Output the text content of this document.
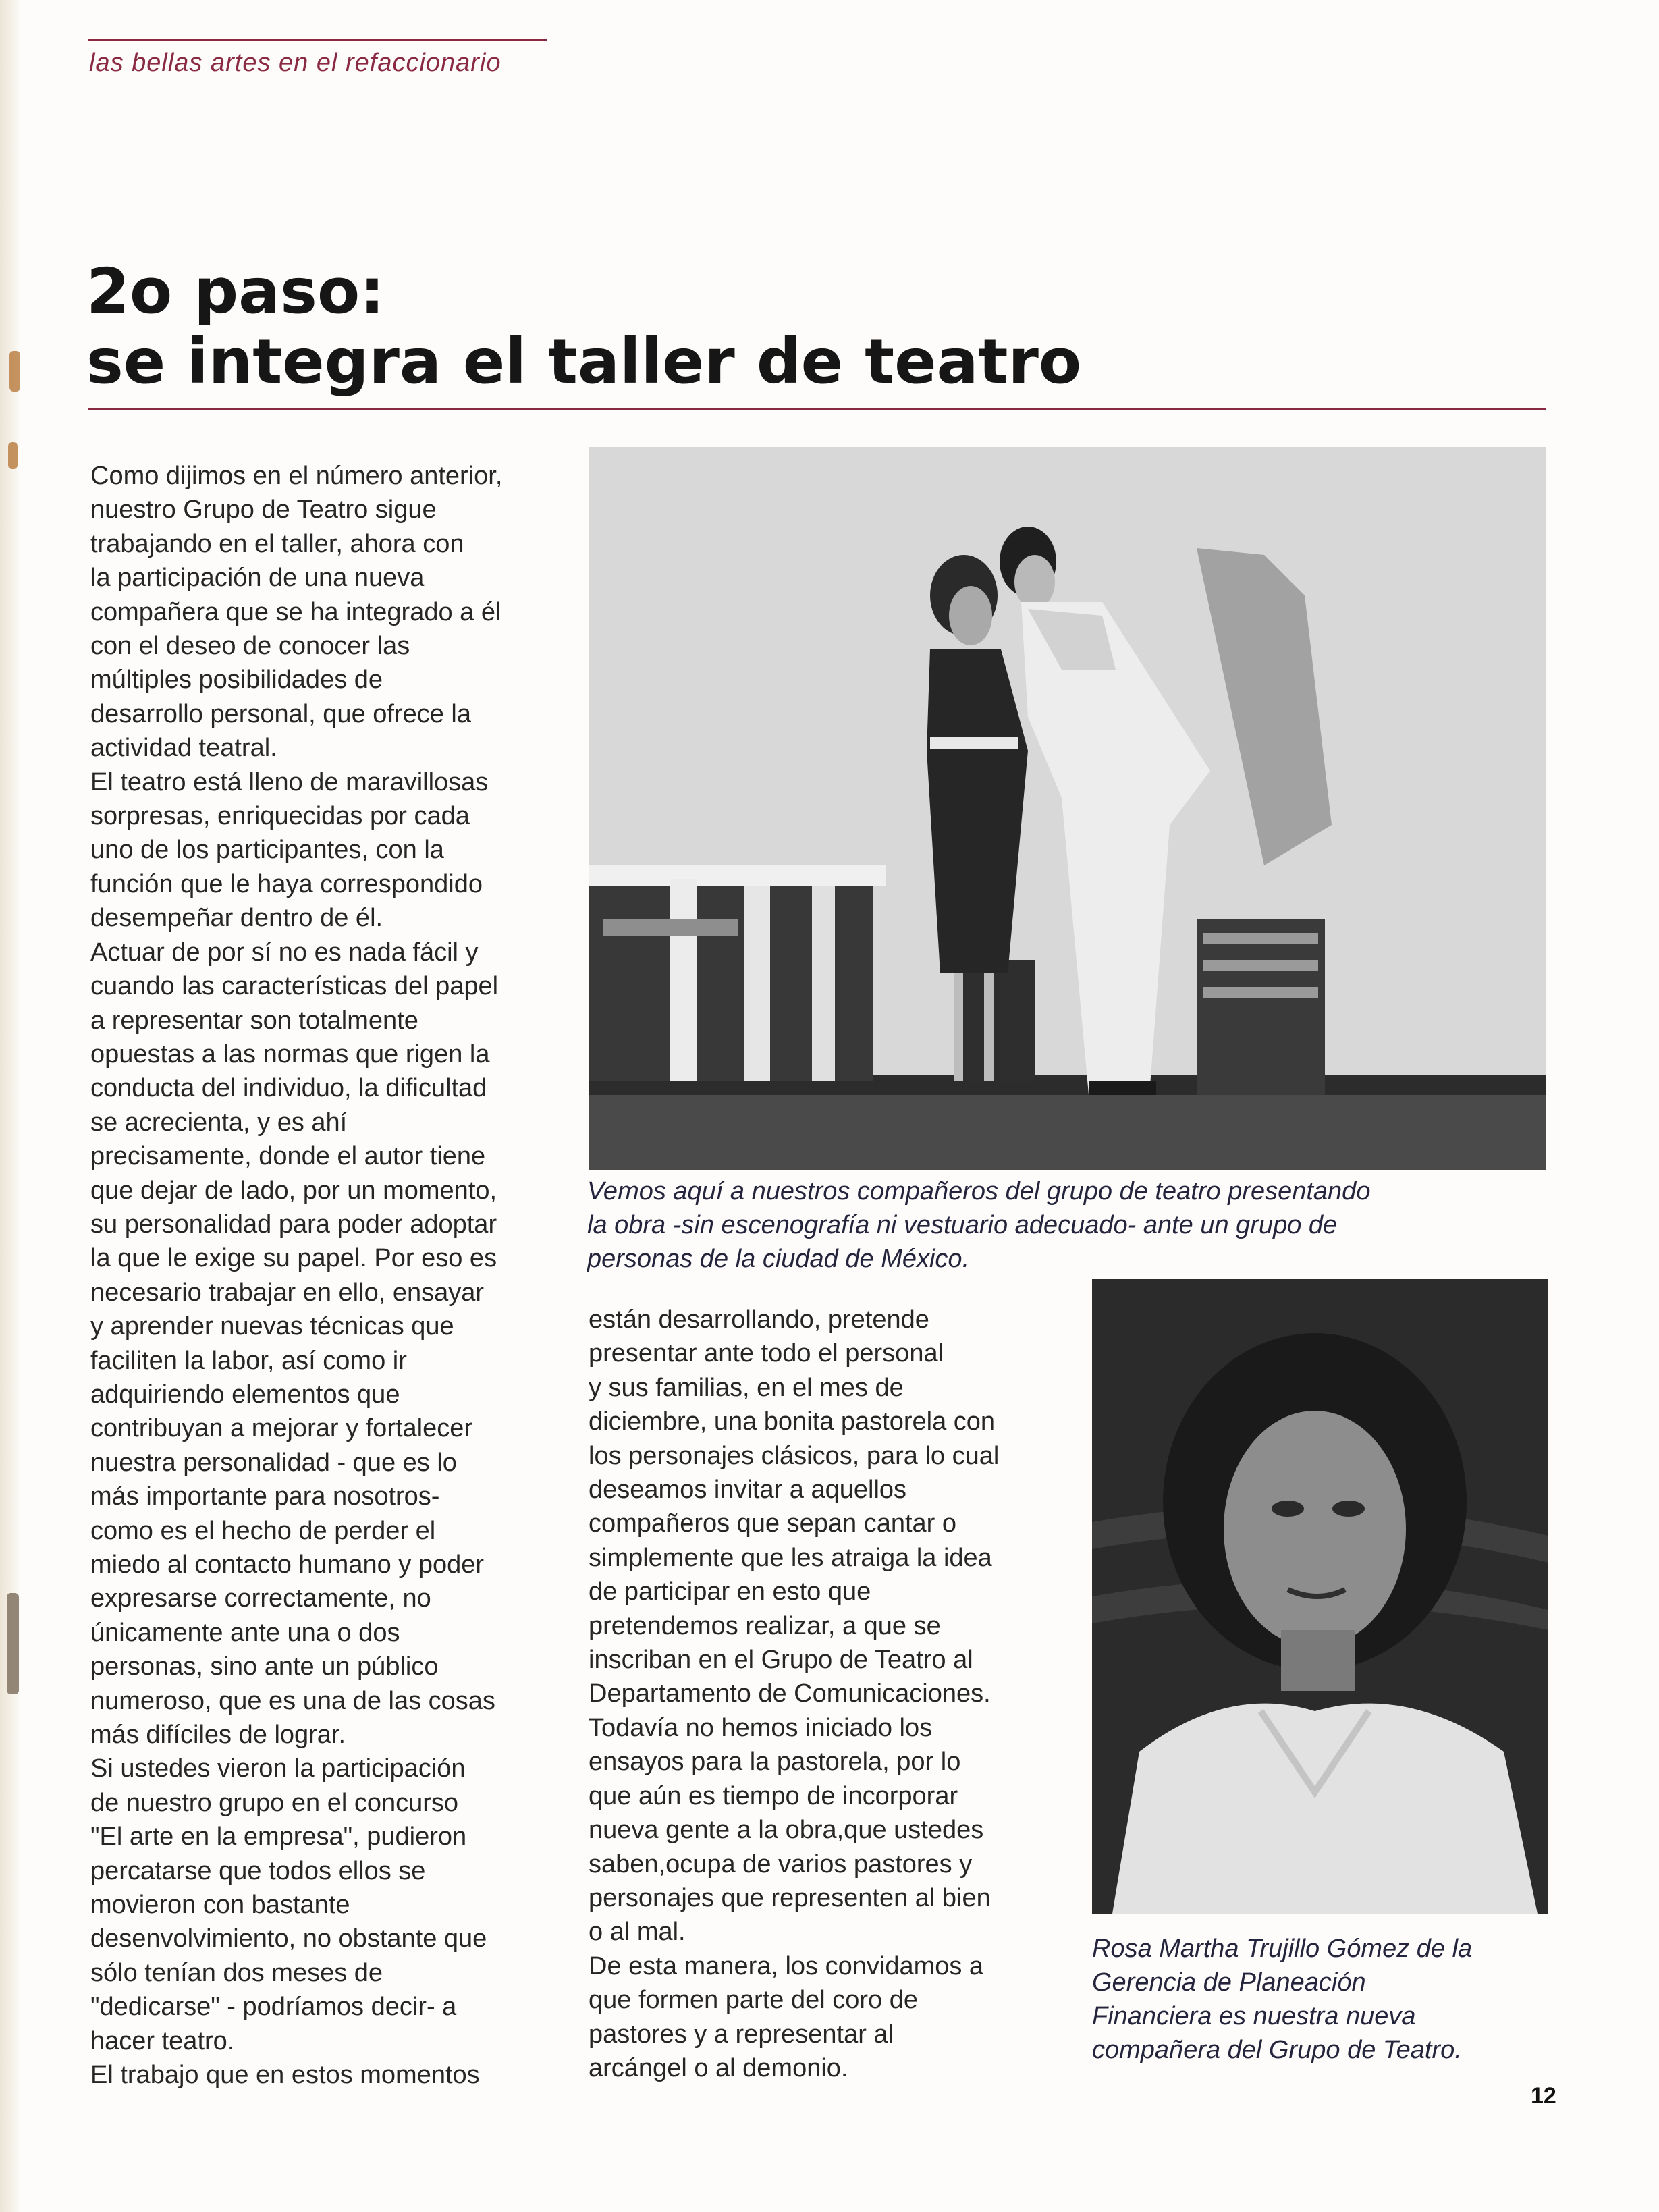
las bellas artes en el refaccionario
2o paso:
se integra el taller de teatro

Como dijimos en el número anterior,

nuestro Grupo de Teatro sigue

trabajando en el taller, ahora con

la participación de una nueva

compañera que se ha integrado a él

con el deseo de conocer las

múltiples posibilidades de

desarrollo personal, que ofrece la

actividad teatral.

El teatro está lleno de maravillosas

sorpresas, enriquecidas por cada

uno de los participantes, con la

función que le haya correspondido

desempeñar dentro de él.

Actuar de por sí no es nada fácil y

cuando las características del papel

a representar son totalmente

opuestas a las normas que rigen la

conducta del individuo, la dificultad

se acrecienta, y es ahí

precisamente, donde el autor tiene

que dejar de lado, por un momento,

su personalidad para poder adoptar

la que le exige su papel. Por eso es

necesario trabajar en ello, ensayar

y aprender nuevas técnicas que

faciliten la labor, así como ir

adquiriendo elementos que

contribuyan a mejorar y fortalecer

nuestra personalidad - que es lo

más importante para nosotros-

como es el hecho de perder el

miedo al contacto humano y poder

expresarse correctamente, no

únicamente ante una o dos

personas, sino ante un público

numeroso, que es una de las cosas

más difíciles de lograr.

Si ustedes vieron la participación

de nuestro grupo en el concurso

"El arte en la empresa", pudieron

percatarse que todos ellos se

movieron con bastante

desenvolvimiento, no obstante que

sólo tenían dos meses de

"dedicarse" - podríamos decir- a

hacer teatro.

El trabajo que en estos momentos

Vemos aquí a nuestros compañeros del grupo de teatro presentando

la obra -sin escenografía ni vestuario adecuado- ante un grupo de

personas de la ciudad de México.

están desarrollando, pretende

presentar ante todo el personal

y sus familias, en el mes de

diciembre, una bonita pastorela con

los personajes clásicos, para lo cual

deseamos invitar a aquellos

compañeros que sepan cantar o

simplemente que les atraiga la idea

de participar en esto que

pretendemos realizar, a que se

inscriban en el Grupo de Teatro al

Departamento de Comunicaciones.

Todavía no hemos iniciado los

ensayos para la pastorela, por lo

que aún es tiempo de incorporar

nueva gente a la obra,que ustedes

saben,ocupa de varios pastores y

personajes que representen al bien

o al mal.

De esta manera, los convidamos a

que formen parte del coro de

pastores y a representar al

arcángel o al demonio.

Rosa Martha Trujillo Gómez de la

Gerencia de Planeación

Financiera es nuestra nueva

compañera del Grupo de Teatro.

12
